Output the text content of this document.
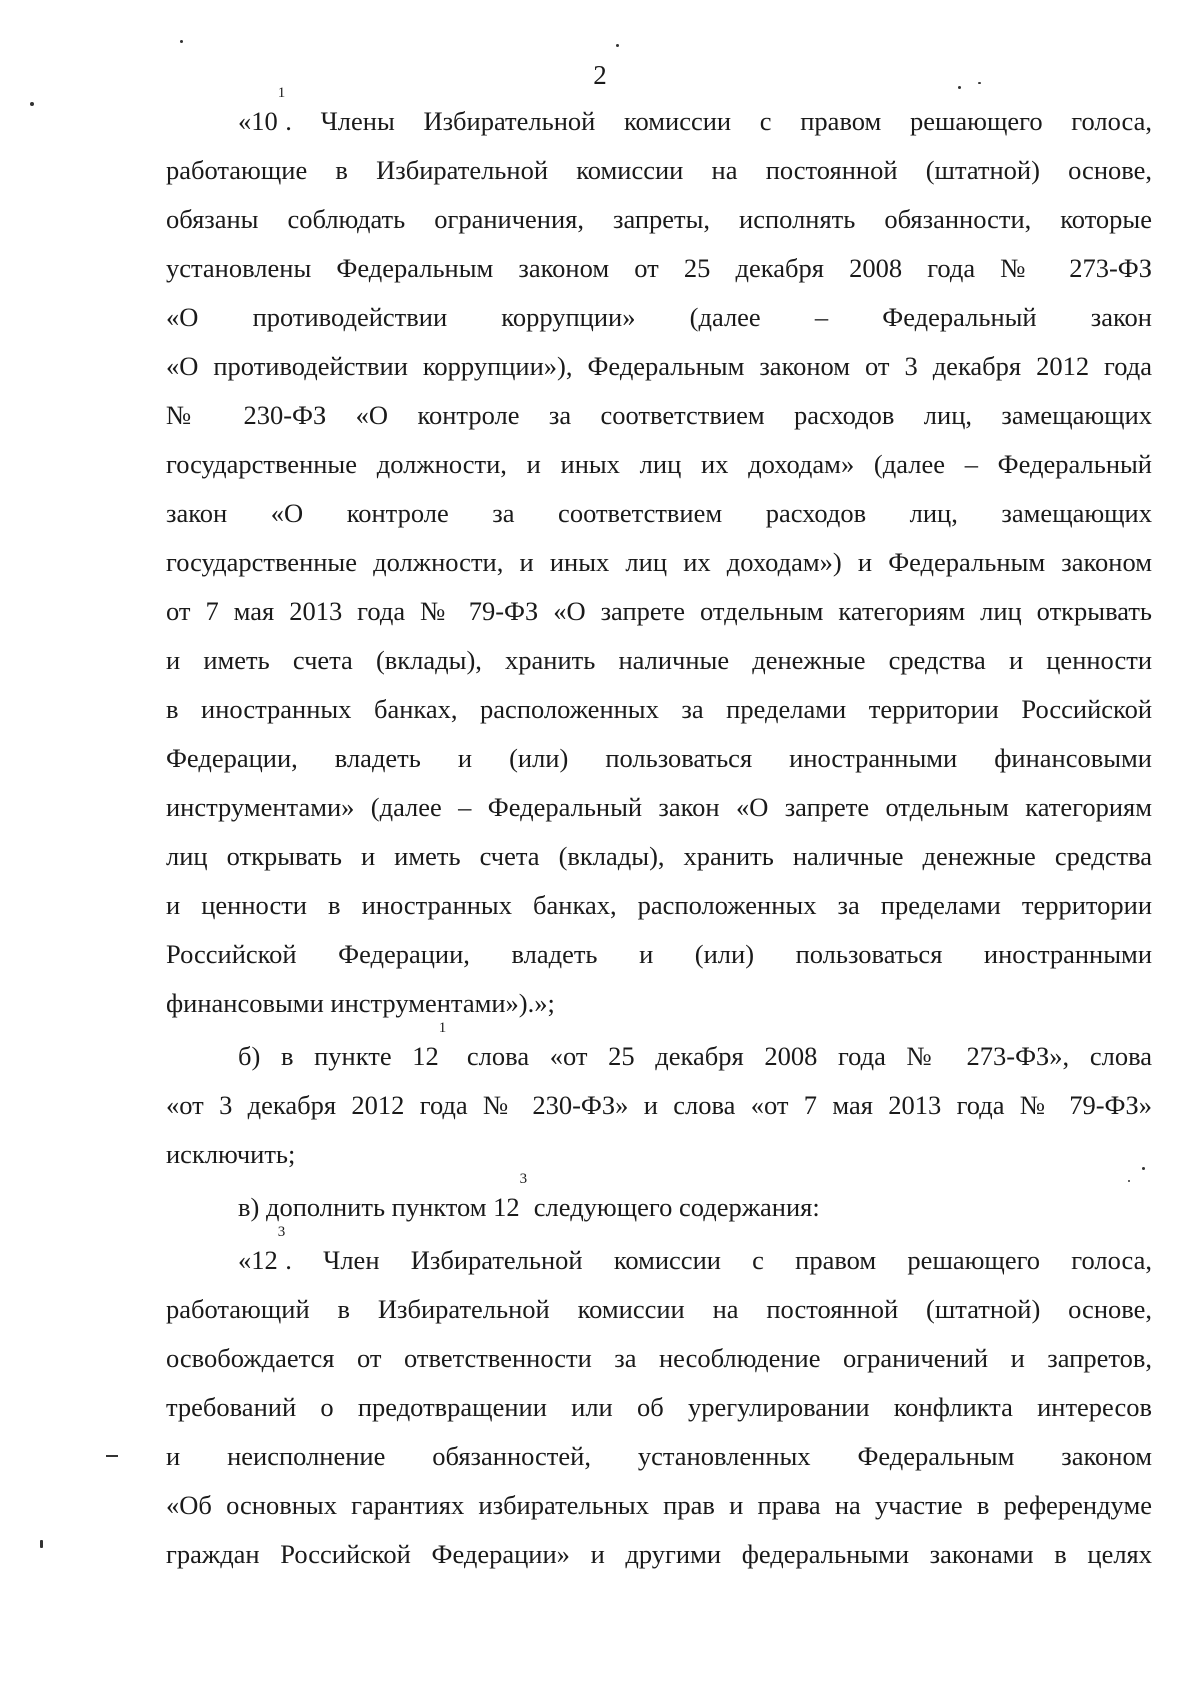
2

«$10^1$. Члены Избирательной комиссии с правом решающего голоса,
работающие в Избирательной комиссии на постоянной (штатной) основе,
обязаны соблюдать ограничения, запреты, исполнять обязанности, которые
установлены Федеральным законом от 25 декабря 2008 года № 273-ФЗ
«О противодействии коррупции» (далее – Федеральный закон
«О противодействии коррупции»), Федеральным законом от 3 декабря 2012 года
№ 230-ФЗ «О контроле за соответствием расходов лиц, замещающих
государственные должности, и иных лиц их доходам» (далее – Федеральный
закон «О контроле за соответствием расходов лиц, замещающих
государственные должности, и иных лиц их доходам») и Федеральным законом
от 7 мая 2013 года № 79-ФЗ «О запрете отдельным категориям лиц открывать
и иметь счета (вклады), хранить наличные денежные средства и ценности
в иностранных банках, расположенных за пределами территории Российской
Федерации, владеть и (или) пользоваться иностранными финансовыми
инструментами» (далее – Федеральный закон «О запрете отдельным категориям
лиц открывать и иметь счета (вклады), хранить наличные денежные средства
и ценности в иностранных банках, расположенных за пределами территории
Российской Федерации, владеть и (или) пользоваться иностранными
финансовыми инструментами»).»;

б) в пункте $12^1$ слова «от 25 декабря 2008 года № 273-ФЗ», слова
«от 3 декабря 2012 года № 230-ФЗ» и слова «от 7 мая 2013 года № 79-ФЗ»
исключить;

в) дополнить пунктом $12^3$ следующего содержания:

«$12^3$. Член Избирательной комиссии с правом решающего голоса,
работающий в Избирательной комиссии на постоянной (штатной) основе,
освобождается от ответственности за несоблюдение ограничений и запретов,
требований о предотвращении или об урегулировании конфликта интересов
и неисполнение обязанностей, установленных Федеральным законом
«Об основных гарантиях избирательных прав и права на участие в референдуме
граждан Российской Федерации» и другими федеральными законами в целях
